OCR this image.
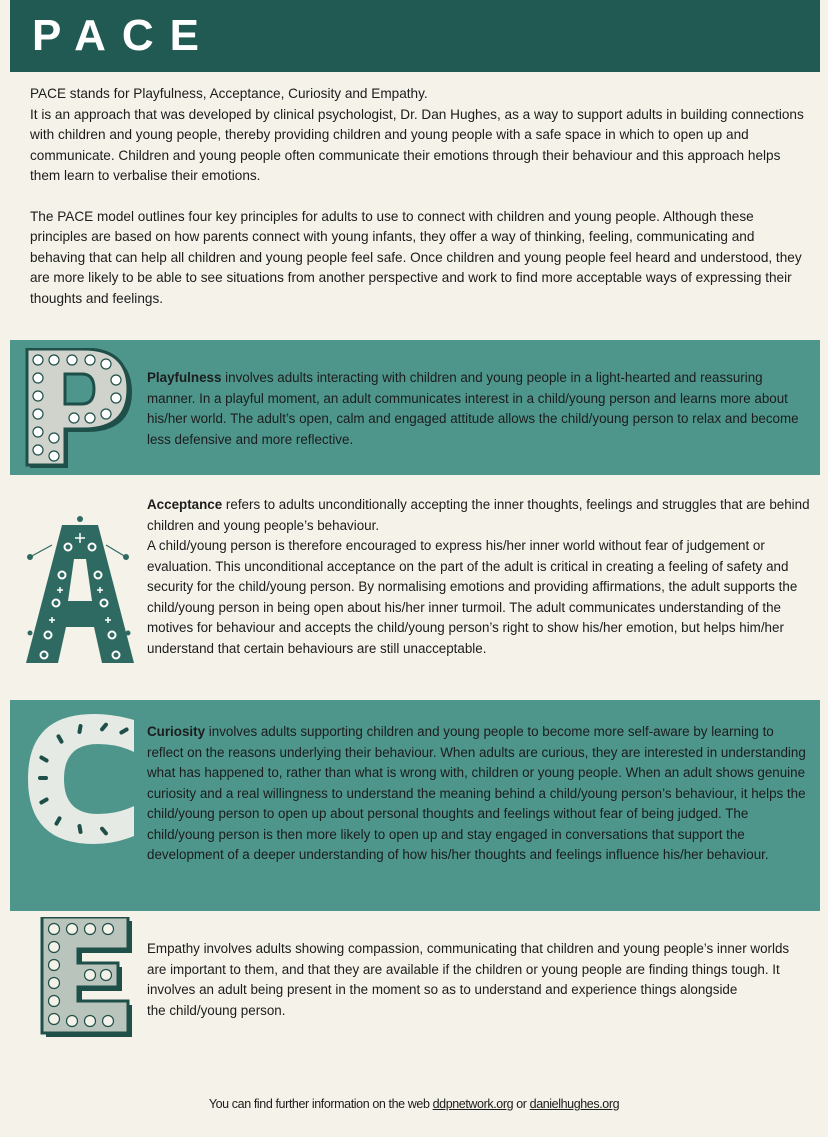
PACE

PACE stands for Playfulness, Acceptance, Curiosity and Empathy.

It is an approach that was developed by clinical psychologist, Dr. Dan Hughes, as a way to support adults in building connections with children and young people, thereby providing children and young people with a safe space in which to open up and communicate. Children and young people often communicate their emotions through their behaviour and this approach helps them learn to verbalise their emotions.

The PACE model outlines four key principles for adults to use to connect with children and young people. Although these principles are based on how parents connect with young infants, they offer a way of thinking, feeling, communicating and behaving that can help all children and young people feel safe. Once children and young people feel heard and understood, they are more likely to be able to see situations from another perspective and work to find more acceptable ways of expressing their thoughts and feelings.

Playfulness involves adults interacting with children and young people in a light-hearted and reassuring manner. In a playful moment, an adult communicates interest in a child/young person and learns more about his/her world. The adult’s open, calm and engaged attitude allows the child/young person to relax and become less defensive and more reflective.

Acceptance refers to adults unconditionally accepting the inner thoughts, feelings and struggles that are behind children and young people’s behaviour.

A child/young person is therefore encouraged to express his/her inner world without fear of judgement or evaluation. This unconditional acceptance on the part of the adult is critical in creating a feeling of safety and security for the child/young person. By normalising emotions and providing affirmations, the adult supports the child/young person in being open about his/her inner turmoil. The adult communicates understanding of the motives for behaviour and accepts the child/young person’s right to show his/her emotion, but helps him/her understand that certain behaviours are still unacceptable.

Curiosity involves adults supporting children and young people to become more self-aware by learning to reflect on the reasons underlying their behaviour. When adults are curious, they are interested in understanding what has happened to, rather than what is wrong with, children or young people. When an adult shows genuine curiosity and a real willingness to understand the meaning behind a child/young person’s behaviour, it helps the child/young person to open up about personal thoughts and feelings without fear of being judged. The child/young person is then more likely to open up and stay engaged in conversations that support the development of a deeper understanding of how his/her thoughts and feelings influence his/her behaviour.

Empathy involves adults showing compassion, communicating that children and young people’s inner worlds are important to them, and that they are available if the children or young people are finding things tough. It involves an adult being present in the moment so as to understand and experience things alongside

the child/young person.

You can find further information on the web ddpnetwork.org or danielhughes.org
